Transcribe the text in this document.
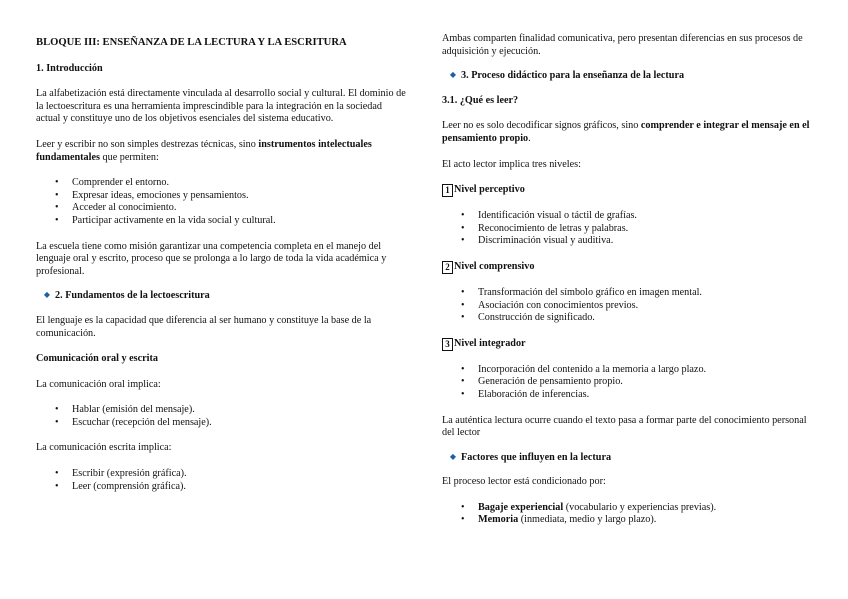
BLOQUE III: ENSEÑANZA DE LA LECTURA Y LA ESCRITURA
1. Introducción

La alfabetización está directamente vinculada al desarrollo social y cultural. El dominio de la lectoescritura es una herramienta imprescindible para la integración en la sociedad actual y constituye uno de los objetivos esenciales del sistema educativo.

Leer y escribir no son simples destrezas técnicas, sino instrumentos intelectuales fundamentales que permiten:

• Comprender el entorno.
• Expresar ideas, emociones y pensamientos.
• Acceder al conocimiento.
• Participar activamente en la vida social y cultural.

La escuela tiene como misión garantizar una competencia completa en el manejo del lenguaje oral y escrito, proceso que se prolonga a lo largo de toda la vida académica y profesional.

◆ 2. Fundamentos de la lectoescritura

El lenguaje es la capacidad que diferencia al ser humano y constituye la base de la comunicación.

Comunicación oral y escrita

La comunicación oral implica:

• Hablar (emisión del mensaje).
• Escuchar (recepción del mensaje).

La comunicación escrita implica:

• Escribir (expresión gráfica).
• Leer (comprensión gráfica).

Ambas comparten finalidad comunicativa, pero presentan diferencias en sus procesos de adquisición y ejecución.

◆ 3. Proceso didáctico para la enseñanza de la lectura
3.1. ¿Qué es leer?

Leer no es solo decodificar signos gráficos, sino comprender e integrar el mensaje en el pensamiento propio.

El acto lector implica tres niveles:

1 Nivel perceptivo
• Identificación visual o táctil de grafías.
• Reconocimiento de letras y palabras.
• Discriminación visual y auditiva.
2 Nivel comprensivo
• Transformación del símbolo gráfico en imagen mental.
• Asociación con conocimientos previos.
• Construcción de significado.
3 Nivel integrador
• Incorporación del contenido a la memoria a largo plazo.
• Generación de pensamiento propio.
• Elaboración de inferencias.

La auténtica lectura ocurre cuando el texto pasa a formar parte del conocimiento personal del lector

◆ Factores que influyen en la lectura

El proceso lector está condicionado por:

• Bagaje experiencial (vocabulario y experiencias previas).
• Memoria (inmediata, medio y largo plazo).
